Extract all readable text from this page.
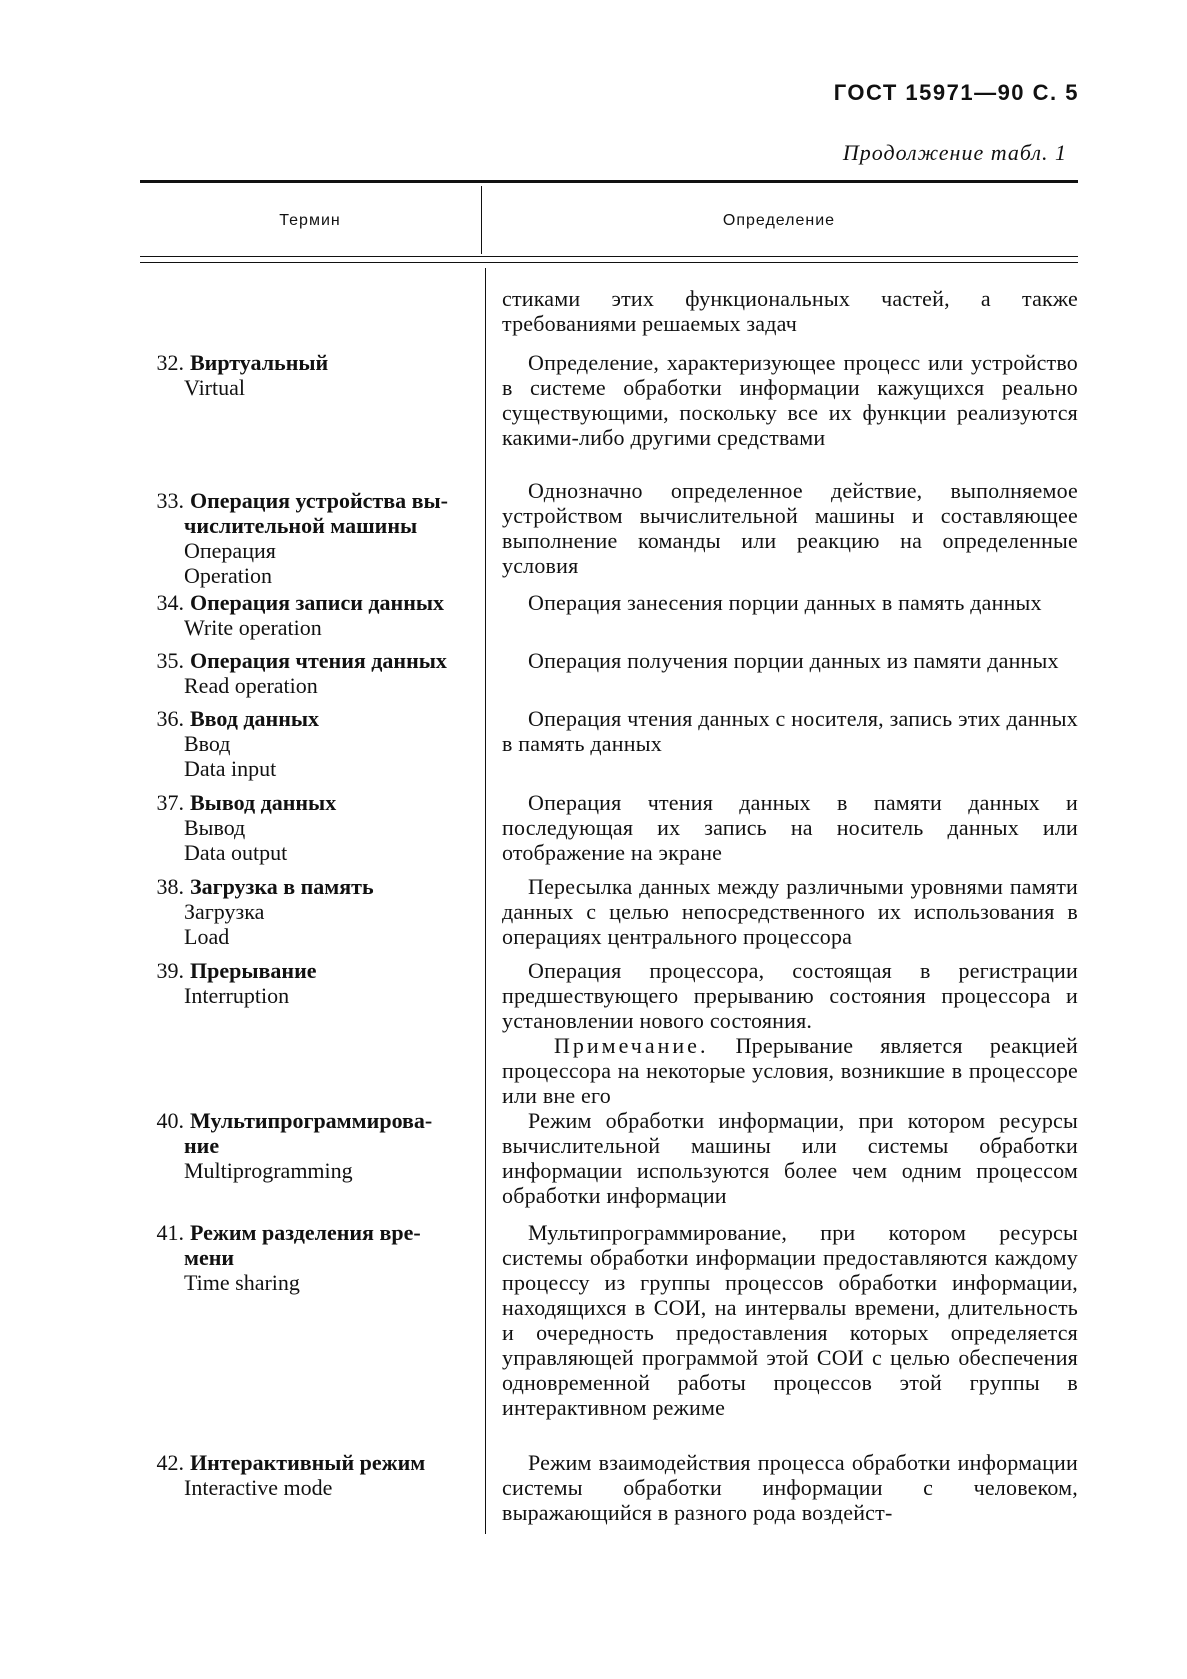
ГОСТ 15971—90 С. 5
Продолжение табл. 1
Термин	Определение
стиками этих функциональных частей, а также требованиями решаемых задач
32. Виртуальный
Virtual
Определение, характеризующее процесс или устройство в системе обработки информации кажущихся реально существующими, поскольку все их функции реализуются какими-либо другими средствами
33. Операция устройства вы-
числительной машины
Операция
Operation
Однозначно определенное действие, выполняемое устройством вычислительной машины и составляющее выполнение команды или реакцию на определенные условия
34. Операция записи данных
Write operation
Операция занесения порции данных в память данных
35. Операция чтения данных
Read operation
Операция получения порции данных из памяти данных
36. Ввод данных
Ввод
Data input
Операция чтения данных с носителя, запись этих данных в память данных
37. Вывод данных
Вывод
Data output
Операция чтения данных в памяти данных и последующая их запись на носитель данных или отображение на экране
38. Загрузка в память
Загрузка
Load
Пересылка данных между различными уровнями памяти данных с целью непосредственного их использования в операциях центрального процессора
39. Прерывание
Interruption
Операция процессора, состоящая в регистрации предшествующего прерыванию состояния процессора и установлении нового состояния.
Примечание. Прерывание является реакцией процессора на некоторые условия, возникшие в процессоре или вне его
40. Мультипрограммирова-
ние
Multiprogramming
Режим обработки информации, при котором ресурсы вычислительной машины или системы обработки информации используются более чем одним процессом обработки информации
41. Режим разделения вре-
мени
Time sharing
Мультипрограммирование, при котором ресурсы системы обработки информации предоставляются каждому процессу из группы процессов обработки информации, находящихся в СОИ, на интервалы времени, длительность и очередность предоставления которых определяется управляющей программой этой СОИ с целью обеспечения одновременной работы процессов этой группы в интерактивном режиме
42. Интерактивный режим
Interactive mode
Режим взаимодействия процесса обработки информации системы обработки информации с человеком, выражающийся в разного рода воздейст-
